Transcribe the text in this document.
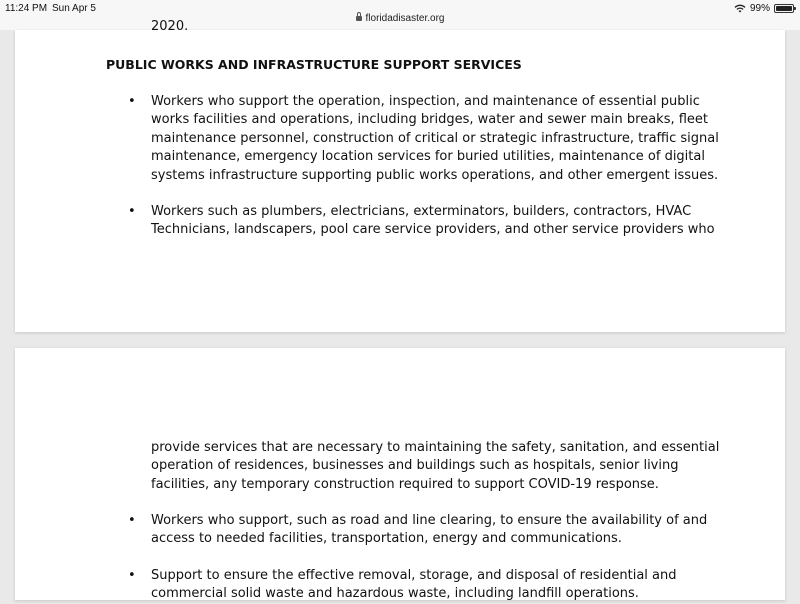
11:24 PM Sun Apr 5
floridadisaster.org
99%

2020.

PUBLIC WORKS AND INFRASTRUCTURE SUPPORT SERVICES

• Workers who support the operation, inspection, and maintenance of essential public
works facilities and operations, including bridges, water and sewer main breaks, fleet
maintenance personnel, construction of critical or strategic infrastructure, traffic signal
maintenance, emergency location services for buried utilities, maintenance of digital
systems infrastructure supporting public works operations, and other emergent issues.

• Workers such as plumbers, electricians, exterminators, builders, contractors, HVAC
Technicians, landscapers, pool care service providers, and other service providers who

provide services that are necessary to maintaining the safety, sanitation, and essential
operation of residences, businesses and buildings such as hospitals, senior living
facilities, any temporary construction required to support COVID-19 response.

• Workers who support, such as road and line clearing, to ensure the availability of and
access to needed facilities, transportation, energy and communications.

• Support to ensure the effective removal, storage, and disposal of residential and
commercial solid waste and hazardous waste, including landfill operations.
